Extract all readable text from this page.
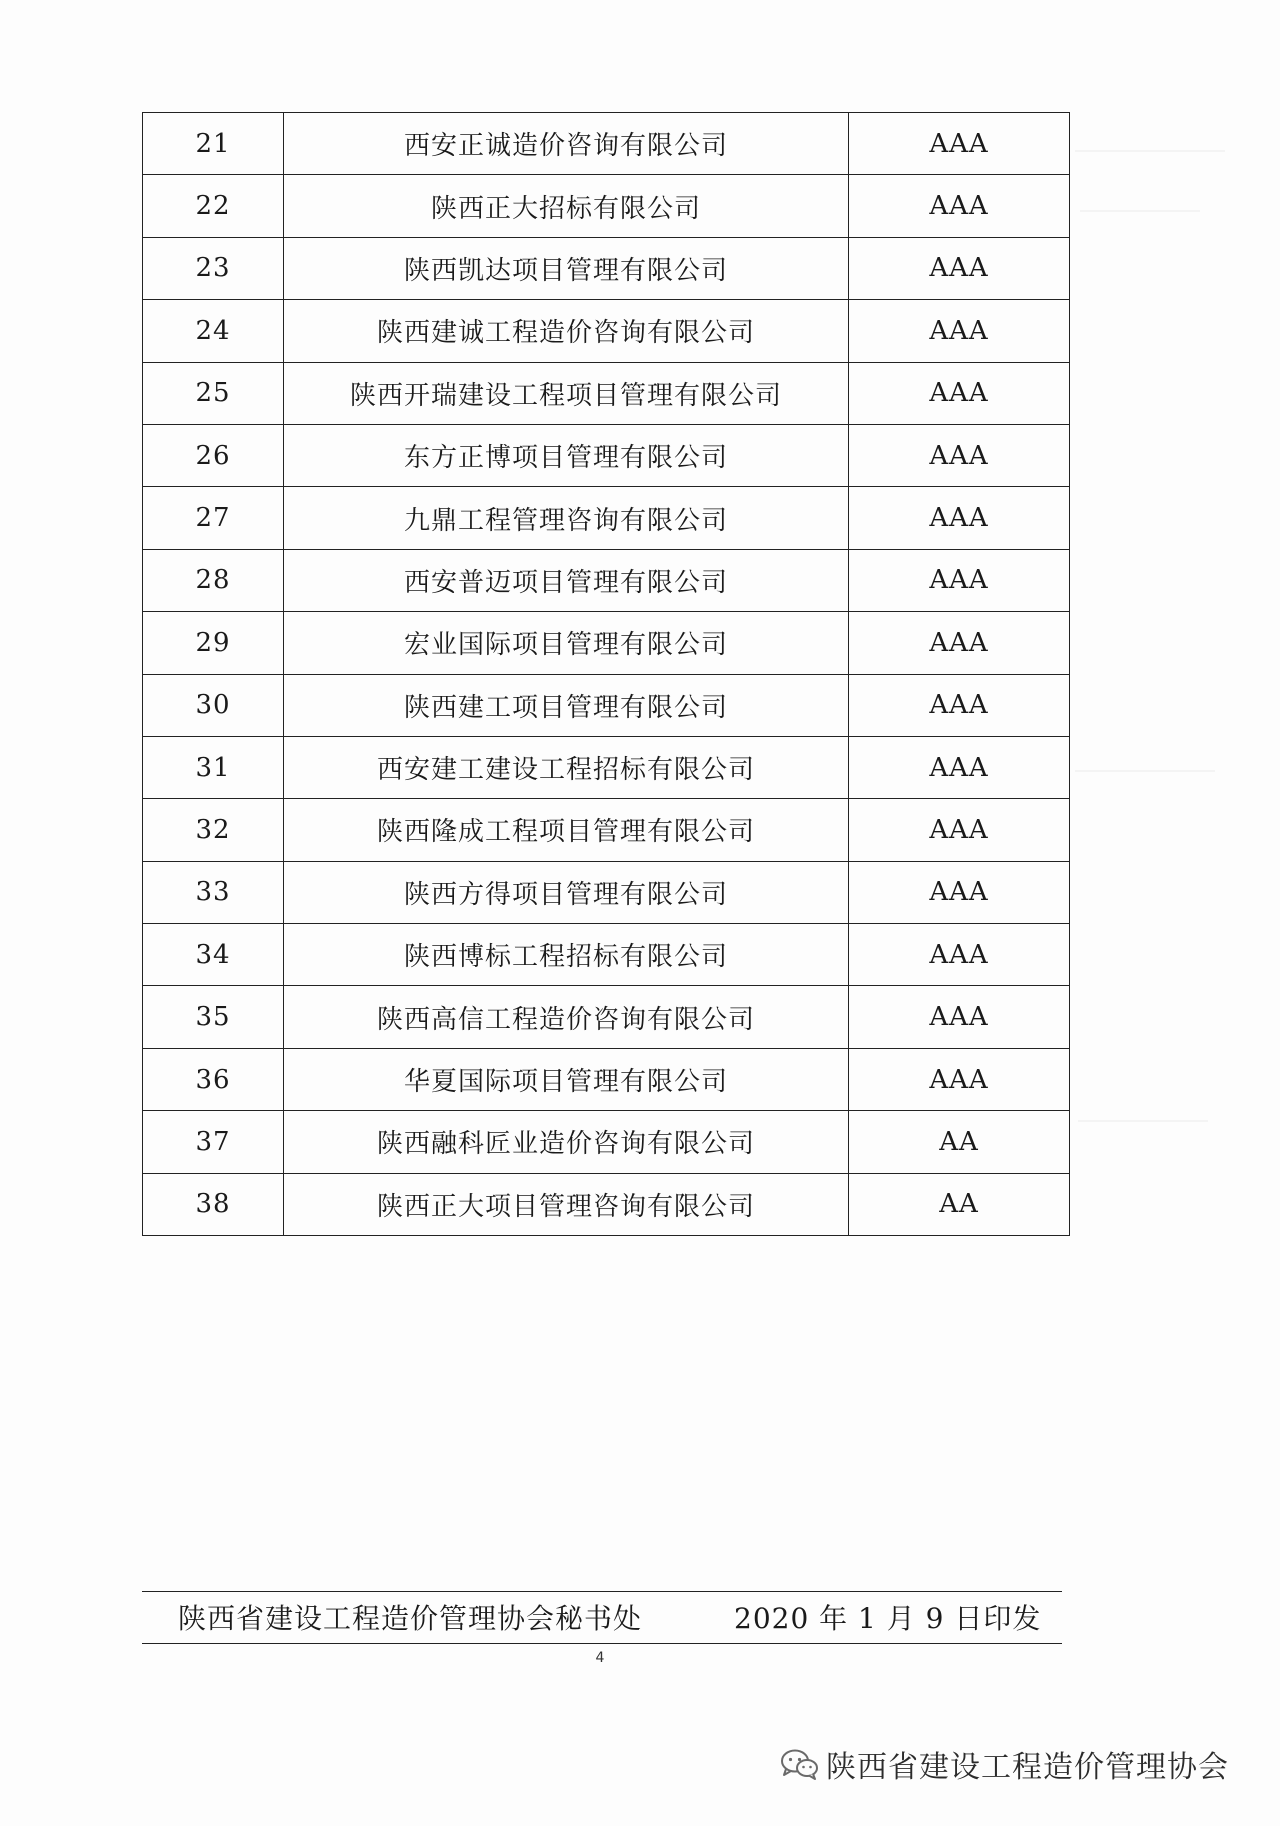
21	西安正诚造价咨询有限公司	AAA
22	陕西正大招标有限公司	AAA
23	陕西凯达项目管理有限公司	AAA
24	陕西建诚工程造价咨询有限公司	AAA
25	陕西开瑞建设工程项目管理有限公司	AAA
26	东方正博项目管理有限公司	AAA
27	九鼎工程管理咨询有限公司	AAA
28	西安普迈项目管理有限公司	AAA
29	宏业国际项目管理有限公司	AAA
30	陕西建工项目管理有限公司	AAA
31	西安建工建设工程招标有限公司	AAA
32	陕西隆成工程项目管理有限公司	AAA
33	陕西方得项目管理有限公司	AAA
34	陕西博标工程招标有限公司	AAA
35	陕西高信工程造价咨询有限公司	AAA
36	华夏国际项目管理有限公司	AAA
37	陕西融科匠业造价咨询有限公司	AA
38	陕西正大项目管理咨询有限公司	AA
陕西省建设工程造价管理协会秘书处	2020 年 1 月 9 日印发
4
陕西省建设工程造价管理协会
